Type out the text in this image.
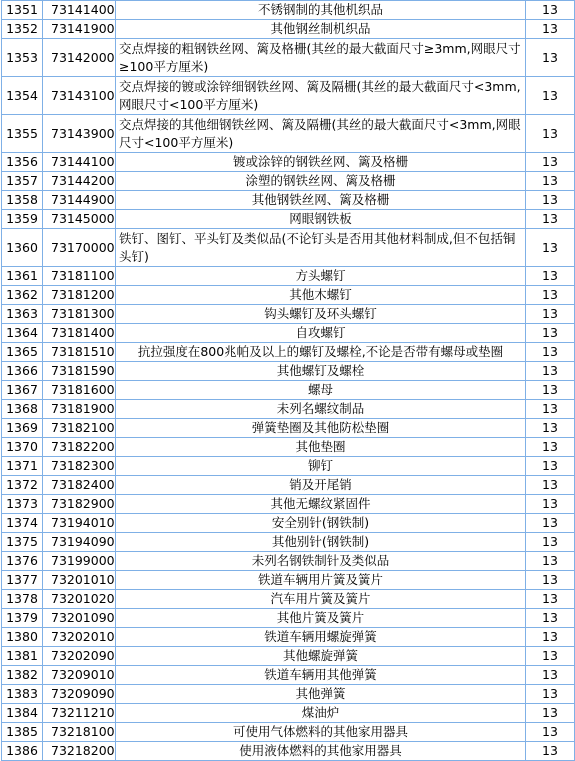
1351	73141400	不锈钢制的其他机织品	13
1352	73141900	其他钢丝制机织品	13
1353	73142000	交点焊接的粗钢铁丝网、篱及格栅(其丝的最大截面尺寸≥3mm,网眼尺寸≥100平方厘米)	13
1354	73143100	交点焊接的镀或涂锌细钢铁丝网、篱及隔栅(其丝的最大截面尺寸<3mm,网眼尺寸<100平方厘米)	13
1355	73143900	交点焊接的其他细钢铁丝网、篱及隔栅(其丝的最大截面尺寸<3mm,网眼尺寸<100平方厘米)	13
1356	73144100	镀或涂锌的钢铁丝网、篱及格栅	13
1357	73144200	涂塑的钢铁丝网、篱及格栅	13
1358	73144900	其他钢铁丝网、篱及格栅	13
1359	73145000	网眼钢铁板	13
1360	73170000	铁钉、图钉、平头钉及类似品(不论钉头是否用其他材料制成,但不包括铜头钉)	13
1361	73181100	方头螺钉	13
1362	73181200	其他木螺钉	13
1363	73181300	钩头螺钉及环头螺钉	13
1364	73181400	自攻螺钉	13
1365	73181510	抗拉强度在800兆帕及以上的螺钉及螺栓,不论是否带有螺母或垫圈	13
1366	73181590	其他螺钉及螺栓	13
1367	73181600	螺母	13
1368	73181900	未列名螺纹制品	13
1369	73182100	弹簧垫圈及其他防松垫圈	13
1370	73182200	其他垫圈	13
1371	73182300	铆钉	13
1372	73182400	销及开尾销	13
1373	73182900	其他无螺纹紧固件	13
1374	73194010	安全别针(钢铁制)	13
1375	73194090	其他别针(钢铁制)	13
1376	73199000	未列名钢铁制针及类似品	13
1377	73201010	铁道车辆用片簧及簧片	13
1378	73201020	汽车用片簧及簧片	13
1379	73201090	其他片簧及簧片	13
1380	73202010	铁道车辆用螺旋弹簧	13
1381	73202090	其他螺旋弹簧	13
1382	73209010	铁道车辆用其他弹簧	13
1383	73209090	其他弹簧	13
1384	73211210	煤油炉	13
1385	73218100	可使用气体燃料的其他家用器具	13
1386	73218200	使用液体燃料的其他家用器具	13
